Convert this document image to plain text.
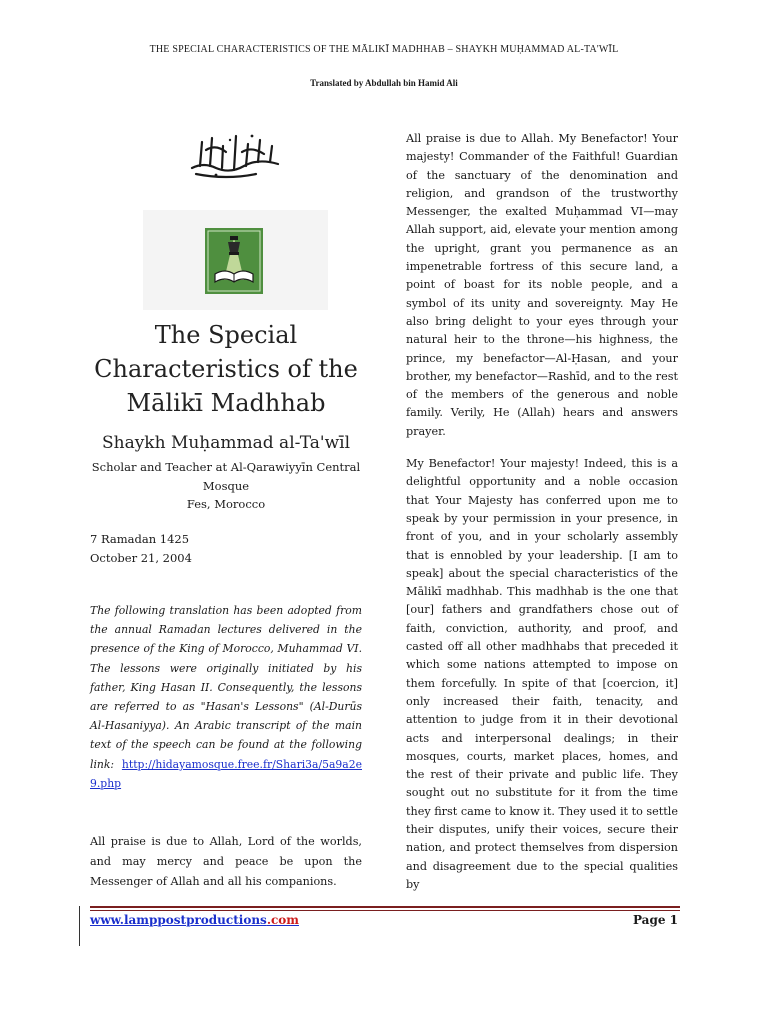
THE SPECIAL CHARACTERISTICS OF THE MĀLIKĪ MADHHAB – SHAYKH MUḤAMMAD AL-TA'WĪL
Translated by Abdullah bin Hamid Ali
The Special
Characteristics of the
Mālikī Madhhab
Shaykh Muḥammad al-Ta'wīl
Scholar and Teacher at Al-Qarawiyyīn Central Mosque
Fes, Morocco
7 Ramadan 1425
October 21, 2004
The following translation has been adopted from the annual Ramadan lectures delivered in the presence of the King of Morocco, Muhammad VI. The lessons were originally initiated by his father, King Hasan II. Consequently, the lessons are referred to as "Hasan's Lessons" (Al-Durūs Al-Hasaniyya). An Arabic transcript of the main text of the speech can be found at the following link: http://hidayamosque.free.fr/Shari3a/5a9a2e9.php
All praise is due to Allah, Lord of the worlds, and may mercy and peace be upon the Messenger of Allah and all his companions.

All praise is due to Allah. My Benefactor! Your majesty! Commander of the Faithful! Guardian of the sanctuary of the denomination and religion, and grandson of the trustworthy Messenger, the exalted Muḥammad VI—may Allah support, aid, elevate your mention among the upright, grant you permanence as an impenetrable fortress of this secure land, a point of boast for its noble people, and a symbol of its unity and sovereignty. May He also bring delight to your eyes through your natural heir to the throne—his highness, the prince, my benefactor—Al-Ḥasan, and your brother, my benefactor—Rashīd, and to the rest of the members of the generous and noble family. Verily, He (Allah) hears and answers prayer.

My Benefactor! Your majesty! Indeed, this is a delightful opportunity and a noble occasion that Your Majesty has conferred upon me to speak by your permission in your presence, in front of you, and in your scholarly assembly that is ennobled by your leadership. [I am to speak] about the special characteristics of the Mālikī madhhab. This madhhab is the one that [our] fathers and grandfathers chose out of faith, conviction, authority, and proof, and casted off all other madhhabs that preceded it which some nations attempted to impose on them forcefully. In spite of that [coercion, it] only increased their faith, tenacity, and attention to judge from it in their devotional acts and interpersonal dealings; in their mosques, courts, market places, homes, and the rest of their private and public life. They sought out no substitute for it from the time they first came to know it. They used it to settle their disputes, unify their voices, secure their nation, and protect themselves from dispersion and disagreement due to the special qualities by

www.lamppostproductions.com	Page 1
